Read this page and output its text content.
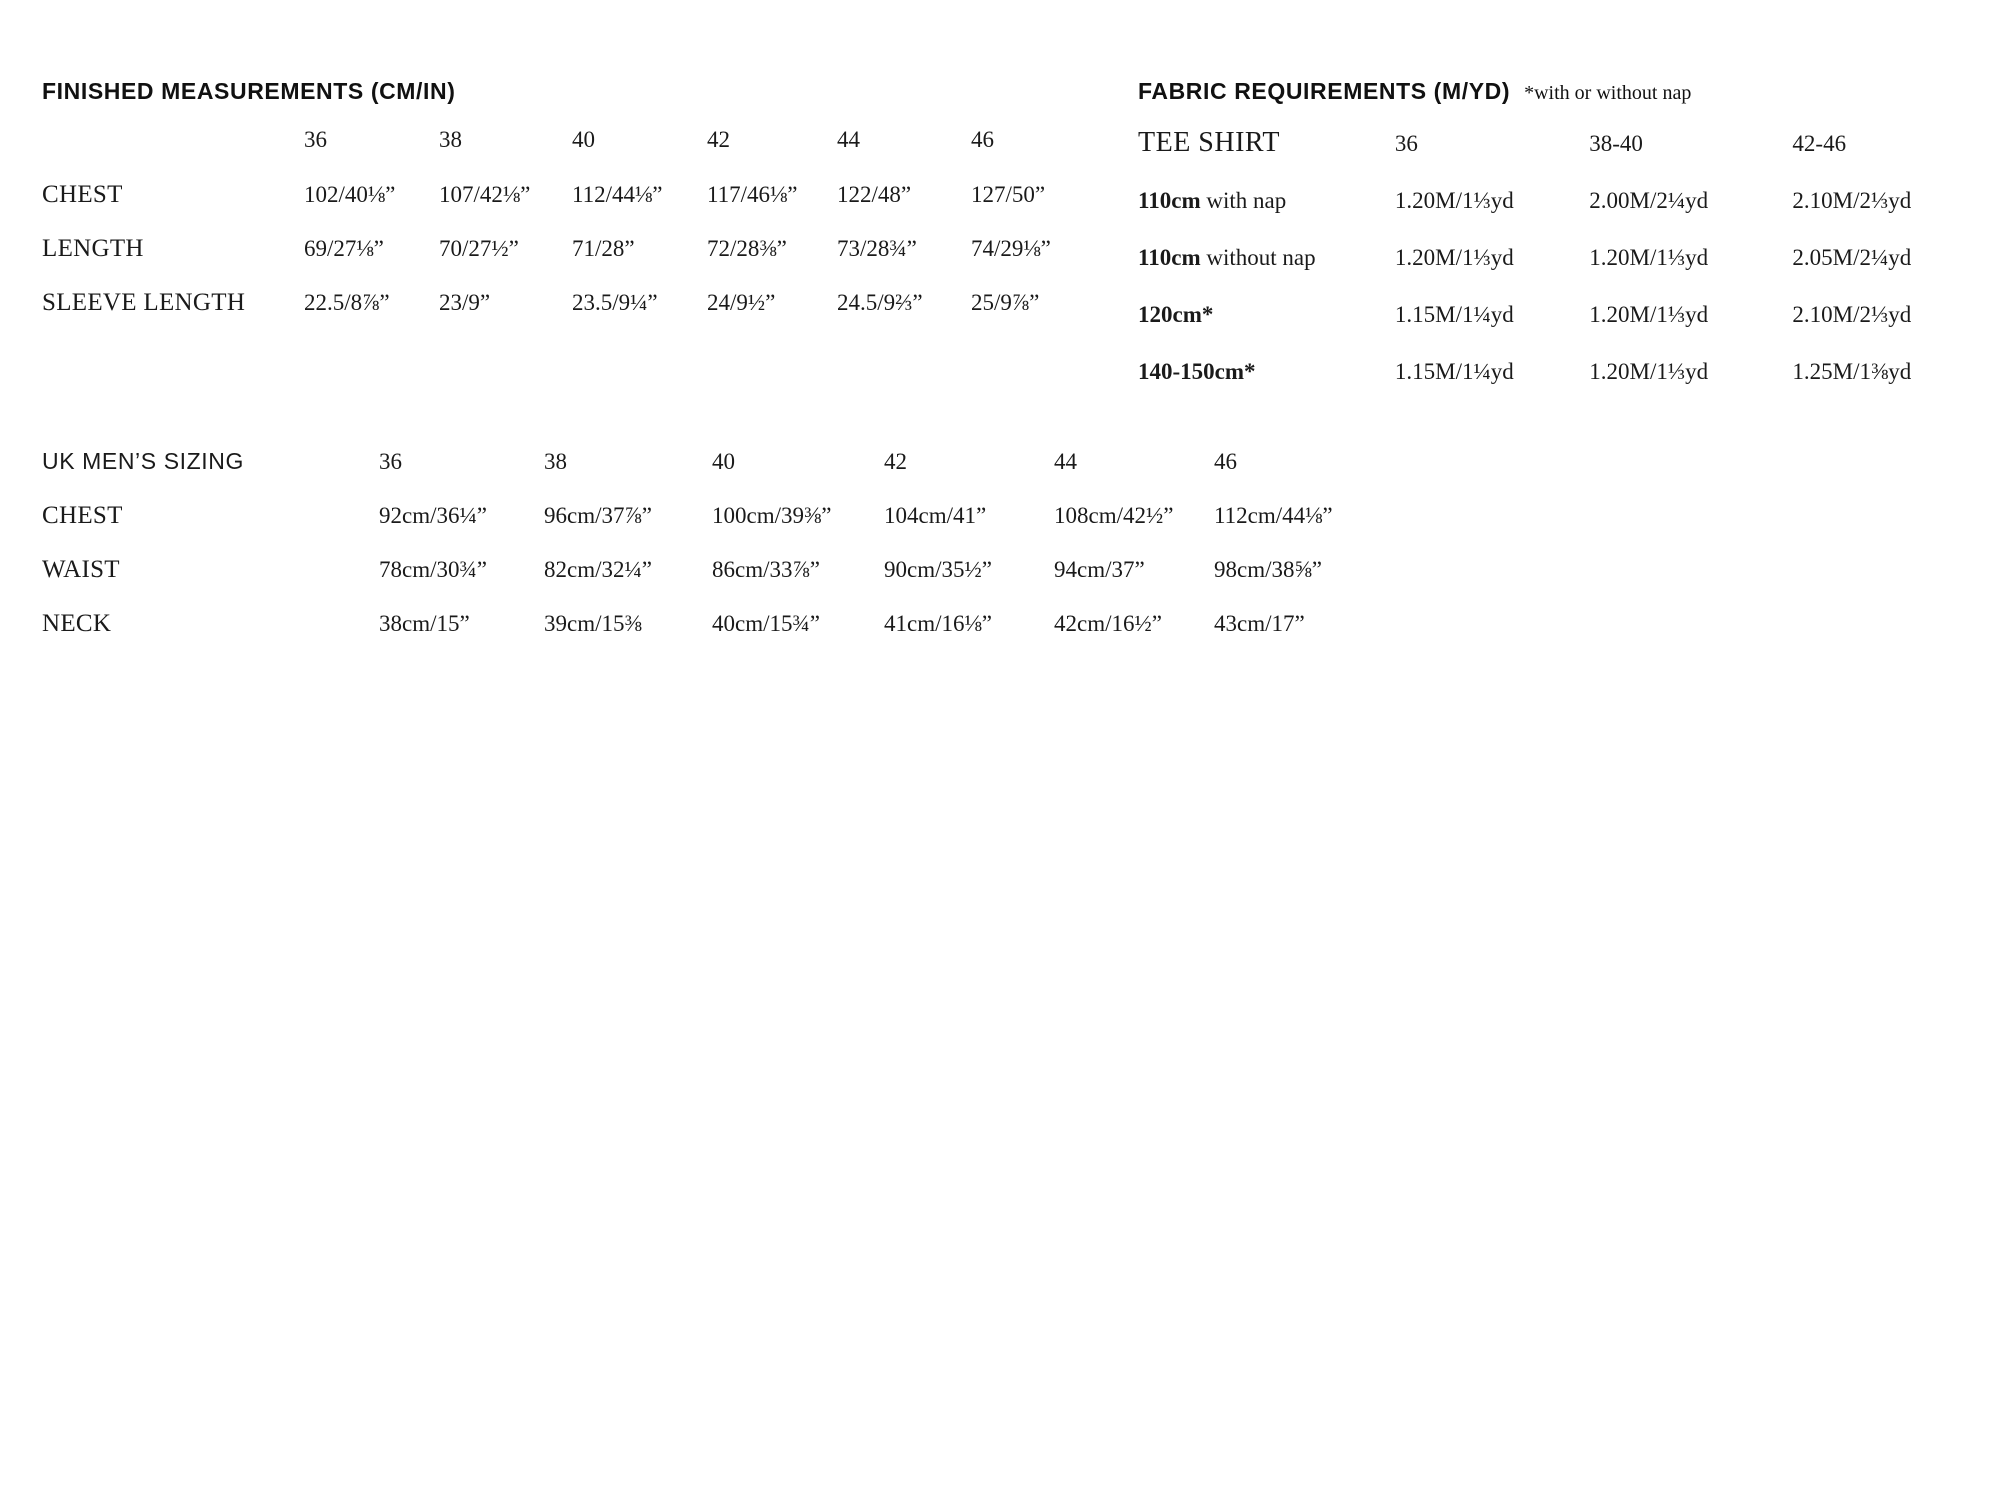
FINISHED MEASUREMENTS (CM/IN)
	36	38	40	42	44	46
CHEST	102/40⅛”	107/42⅛”	112/44⅛”	117/46⅛”	122/48”	127/50”
LENGTH	69/27⅛”	70/27½”	71/28”	72/28⅜”	73/28¾”	74/29⅛”
SLEEVE LENGTH	22.5/8⅞”	23/9”	23.5/9¼”	24/9½”	24.5/9⅔”	25/9⅞”
FABRIC REQUIREMENTS (M/YD) *with or without nap
TEE SHIRT	36	38-40	42-46
110cm with nap	1.20M/1⅓yd	2.00M/2¼yd	2.10M/2⅓yd
110cm without nap	1.20M/1⅓yd	1.20M/1⅓yd	2.05M/2¼yd
120cm*	1.15M/1¼yd	1.20M/1⅓yd	2.10M/2⅓yd
140-150cm*	1.15M/1¼yd	1.20M/1⅓yd	1.25M/1⅜yd
UK MEN’S SIZING	36	38	40	42	44	46
CHEST	92cm/36¼”	96cm/37⅞”	100cm/39⅜”	104cm/41”	108cm/42½”	112cm/44⅛”
WAIST	78cm/30¾”	82cm/32¼”	86cm/33⅞”	90cm/35½”	94cm/37”	98cm/38⅝”
NECK	38cm/15”	39cm/15⅜	40cm/15¾”	41cm/16⅛”	42cm/16½”	43cm/17”
